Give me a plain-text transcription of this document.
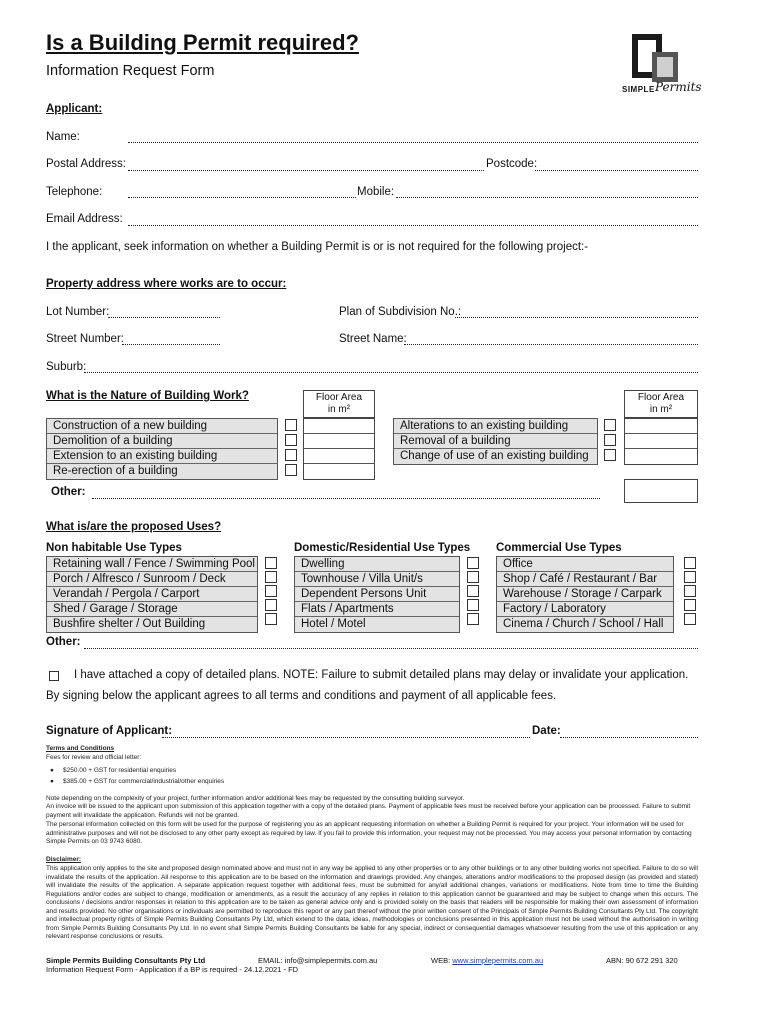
Is a Building Permit required?
Information Request Form
SIMPLE Permits
Applicant:
Name:
Postal Address:	Postcode:
Telephone:	Mobile:
Email Address:
I the applicant, seek information on whether a Building Permit is or is not required for the following project:-
Property address where works are to occur:
Lot Number:	Plan of Subdivision No.:
Street Number:	Street Name:
Suburb:
What is the Nature of Building Work?	Floor Area
in m²
Floor Area
in m²
Construction of a new building
Demolition of a building
Extension to an existing building
Re-erection of a building
Alterations to an existing building
Removal of a building
Change of use of an existing building
Other:
What is/are the proposed Uses?
Non habitable Use Types
Retaining wall / Fence / Swimming Pool
Porch / Alfresco / Sunroom / Deck
Verandah / Pergola / Carport
Shed / Garage / Storage
Bushfire shelter / Out Building
Domestic/Residential Use Types
Dwelling
Townhouse / Villa Unit/s
Dependent Persons Unit
Flats / Apartments
Hotel / Motel
Commercial Use Types
Office
Shop / Café / Restaurant / Bar
Warehouse / Storage / Carpark
Factory / Laboratory
Cinema / Church / School / Hall
Other:
I have attached a copy of detailed plans. NOTE: Failure to submit detailed plans may delay or invalidate your application.
By signing below the applicant agrees to all terms and conditions and payment of all applicable fees.
Signature of Applicant:	Date:
Terms and Conditions
Fees for review and official letter:
●     $250.00 + GST for residential enquiries
●     $385.00 + GST for commercial/industrial/other enquiries
Note depending on the complexity of your project, further information and/or additional fees may be requested by the consulting building surveyor.
An invoice will be issued to the applicant upon submission of this application together with a copy of the detailed plans. Payment of applicable fees must be received before your application can be processed. Failure to submit payment will invalidate the application. Refunds will not be granted.
The personal information collected on this form will be used for the purpose of registering you as an applicant requesting information on whether a Building Permit is required for your project. Your information will be used for administrative purposes and will not be disclosed to any other party except as required by law. If you fail to provide this information, your request may not be processed. You may access your personal information by contacting Simple Permits on 03 9743 6080.
Disclaimer:
This application only applies to the site and proposed design nominated above and must not in any way be applied to any other properties or to any other buildings or to any other building works not specified. Failure to do so will invalidate the results of the application. All response to this application are to be based on the information and drawings provided. Any changes, alterations and/or modifications to the proposed design (as provided and stated) will invalidate the results of the application. A separate application request together with additional fees, must be submitted for any/all additional changes, variations or modifications. Note from time to time the Building Regulations and/or codes are subject to change, modification or amendments, as a result the accuracy of any replies in relation to this application cannot be guaranteed and may be subject to change when this occurs. The conclusions / decisions and/or responses in relation to this application are to be taken as general advice only and is provided solely on the basis that readers will be responsible for making their own assessment of information and results provided. No other organisations or individuals are permitted to reproduce this report or any part thereof without the prior written consent of the Principals of Simple Permits Building Consultants Pty Ltd. The copyright and intellectual property rights of Simple Permits Building Consultants Pty Ltd, which extend to the data, ideas, methodologies or conclusions presented in this application must not be used without the authorisation in writing from Simple Permits Building Consultants Pty Ltd. In no event shall Simple Permits Building Consultants be liable for any special, indirect or consequential damages whatsoever resulting from the use of this application or any relevant response conclusions or results.
Simple Permits Building Consultants Pty Ltd	EMAIL: info@simplepermits.com.au	WEB: www.simplepermits.com.au	ABN: 90 672 291 320
Information Request Form - Application if a BP is required - 24.12.2021 - FD
